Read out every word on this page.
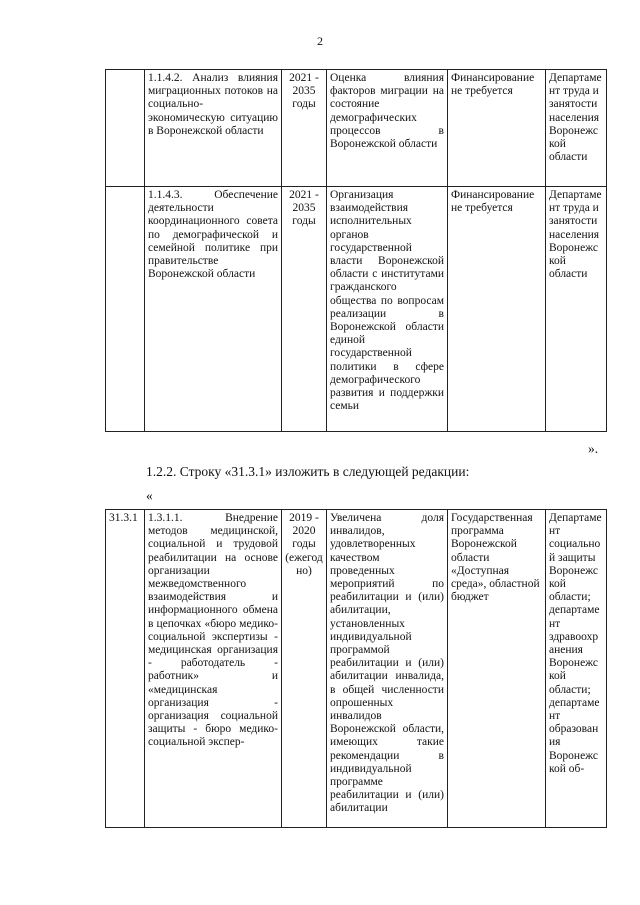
2
	1.1.4.2. Анализ влияния миграционных потоков на социально-экономическую ситуацию в Воронежской области	2021 - 2035 годы	Оценка влияния факторов миграции на состояние демографических процессов в Воронежской области	Финансирование не требуется	Департамент труда и занятости населения Воронежской области
	1.1.4.3. Обеспечение деятельности координационного совета по демографической и семейной политике при правительстве Воронежской области	2021 - 2035 годы	Организация взаимодействия исполнительных органов государственной власти Воронежской области с институтами гражданского общества по вопросам реализации в Воронежской области единой государственной политики в сфере демографического развития и поддержки семьи	Финансирование не требуется	Департамент труда и занятости населения Воронежской области
».
1.2.2. Строку «31.3.1» изложить в следующей редакции:
«
31.3.1	1.3.1.1. Внедрение методов медицинской, социальной и трудовой реабилитации на основе организации межведомственного взаимодействия и информационного обмена в цепочках «бюро медико-социальной экспертизы - медицинская организация - работодатель - работник» и «медицинская организация - организация социальной защиты - бюро медико-социальной экспер-	2019 - 2020 годы (ежегодно)	Увеличена доля инвалидов, удовлетворенных качеством проведенных мероприятий по реабилитации и (или) абилитации, установленных индивидуальной программой реабилитации и (или) абилитации инвалида, в общей численности опрошенных инвалидов Воронежской области, имеющих такие рекомендации в индивидуальной программе реабилитации и (или) абилитации	Государственная программа Воронежской области «Доступная среда», областной бюджет	Департамент социальной защиты Воронежской области; департамент здравоохранения Воронежской области; департамент образования Воронежской об-
